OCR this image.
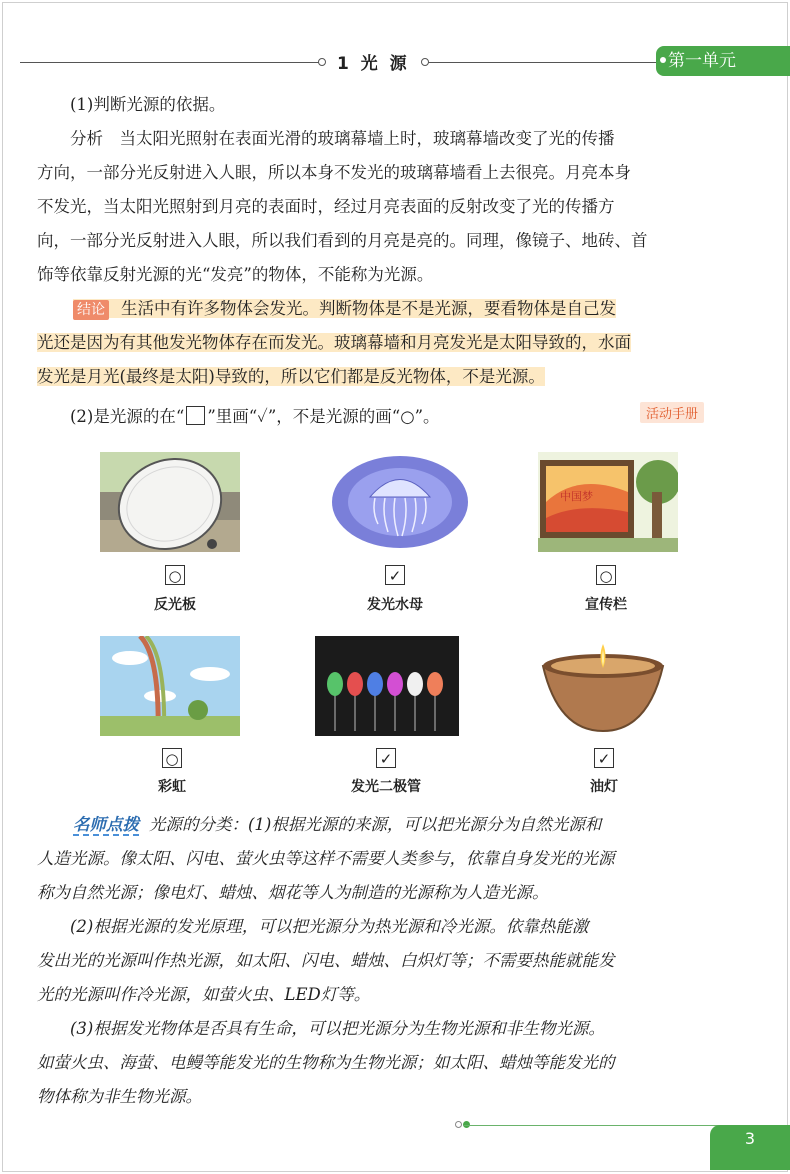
1 光 源	第一单元
(1)判断光源的依据。
分析　当太阳光照射在表面光滑的玻璃幕墙上时，玻璃幕墙改变了光的传播
方向，一部分光反射进入人眼，所以本身不发光的玻璃幕墙看上去很亮。月亮本身
不发光，当太阳光照射到月亮的表面时，经过月亮表面的反射改变了光的传播方
向，一部分光反射进入人眼，所以我们看到的月亮是亮的。同理，像镜子、地砖、首
饰等依靠反射光源的光“发亮”的物体，不能称为光源。
结论 生活中有许多物体会发光。判断物体是不是光源，要看物体是自己发
光还是因为有其他发光物体存在而发光。玻璃幕墙和月亮发光是太阳导致的，水面
发光是月光(最终是太阳)导致的，所以它们都是反光物体，不是光源。
(2)是光源的在“ ”里画“✓”，不是光源的画“○”。	活动手册
中国梦
○	✓	○
反光板	发光水母	宣传栏
○	✓	✓
彩虹	发光二极管	油灯
名师点拨 光源的分类：(1)根据光源的来源，可以把光源分为自然光源和
人造光源。像太阳、闪电、萤火虫等这样不需要人类参与，依靠自身发光的光源
称为自然光源；像电灯、蜡烛、烟花等人为制造的光源称为人造光源。
(2)根据光源的发光原理，可以把光源分为热光源和冷光源。依靠热能激
发出光的光源叫作热光源，如太阳、闪电、蜡烛、白炽灯等；不需要热能就能发
光的光源叫作冷光源，如萤火虫、LED灯等。
(3)根据发光物体是否具有生命，可以把光源分为生物光源和非生物光源。
如萤火虫、海萤、电鳗等能发光的生物称为生物光源；如太阳、蜡烛等能发光的
物体称为非生物光源。
3
